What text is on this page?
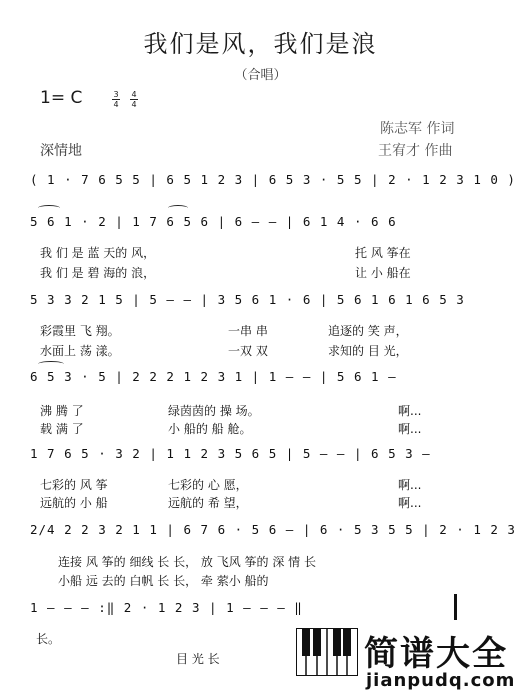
我们是风，我们是浪
（合唱）
1= C	3
4
4
4
陈志军 作词
王宥才 作曲
深情地
( 1 · 7 6 5 5 | 6 5 1 2 3 | 6 5 3 · 5 5 | 2 · 1 2 3 1 0 )
5 6 1 · 2 | 1 7 6 5 6 | 6 — — | 6 1 4 · 6 6
我 们 是 蓝 天的 风，	托 风 筝在
我 们 是 碧 海的 浪，	让 小 船在
5 3 3 2 1 5 | 5 — — | 3 5 6 1 · 6 | 5 6 1 6 1 6 5 3
彩霞里 飞 翔。	一串 串	追逐的 笑 声，
水面上 荡 漾。	一双 双	求知的 目 光，
6 5 3 · 5 | 2 2 2 1 2 3 1 | 1 — — | 5 6 1 —
沸 腾 了	绿茵茵的 操 场。	啊...
载 满 了	小 船的 船 舱。	啊...
1 7 6 5 · 3 2 | 1 1 2 3 5 6 5 | 5 — — | 6 5 3 —
七彩的 风 筝	七彩的 心 愿，	啊...
远航的 小 船	远航的 希 望，	啊...
2/4 2 2 3 2 1 1 | 6 7 6 · 5 6 — | 6 · 5 3 5 5 | 2 · 1 2 3
连接 风 筝的 细线 长 长， 放 飞风 筝的 深 情 长
小船 远 去的 白帆 长 长， 牵 萦小 船的
1 — — — :‖ 2 · 1 2 3 | 1 — — — ‖
长。
目 光 长	简谱大全
jianpudq.com
